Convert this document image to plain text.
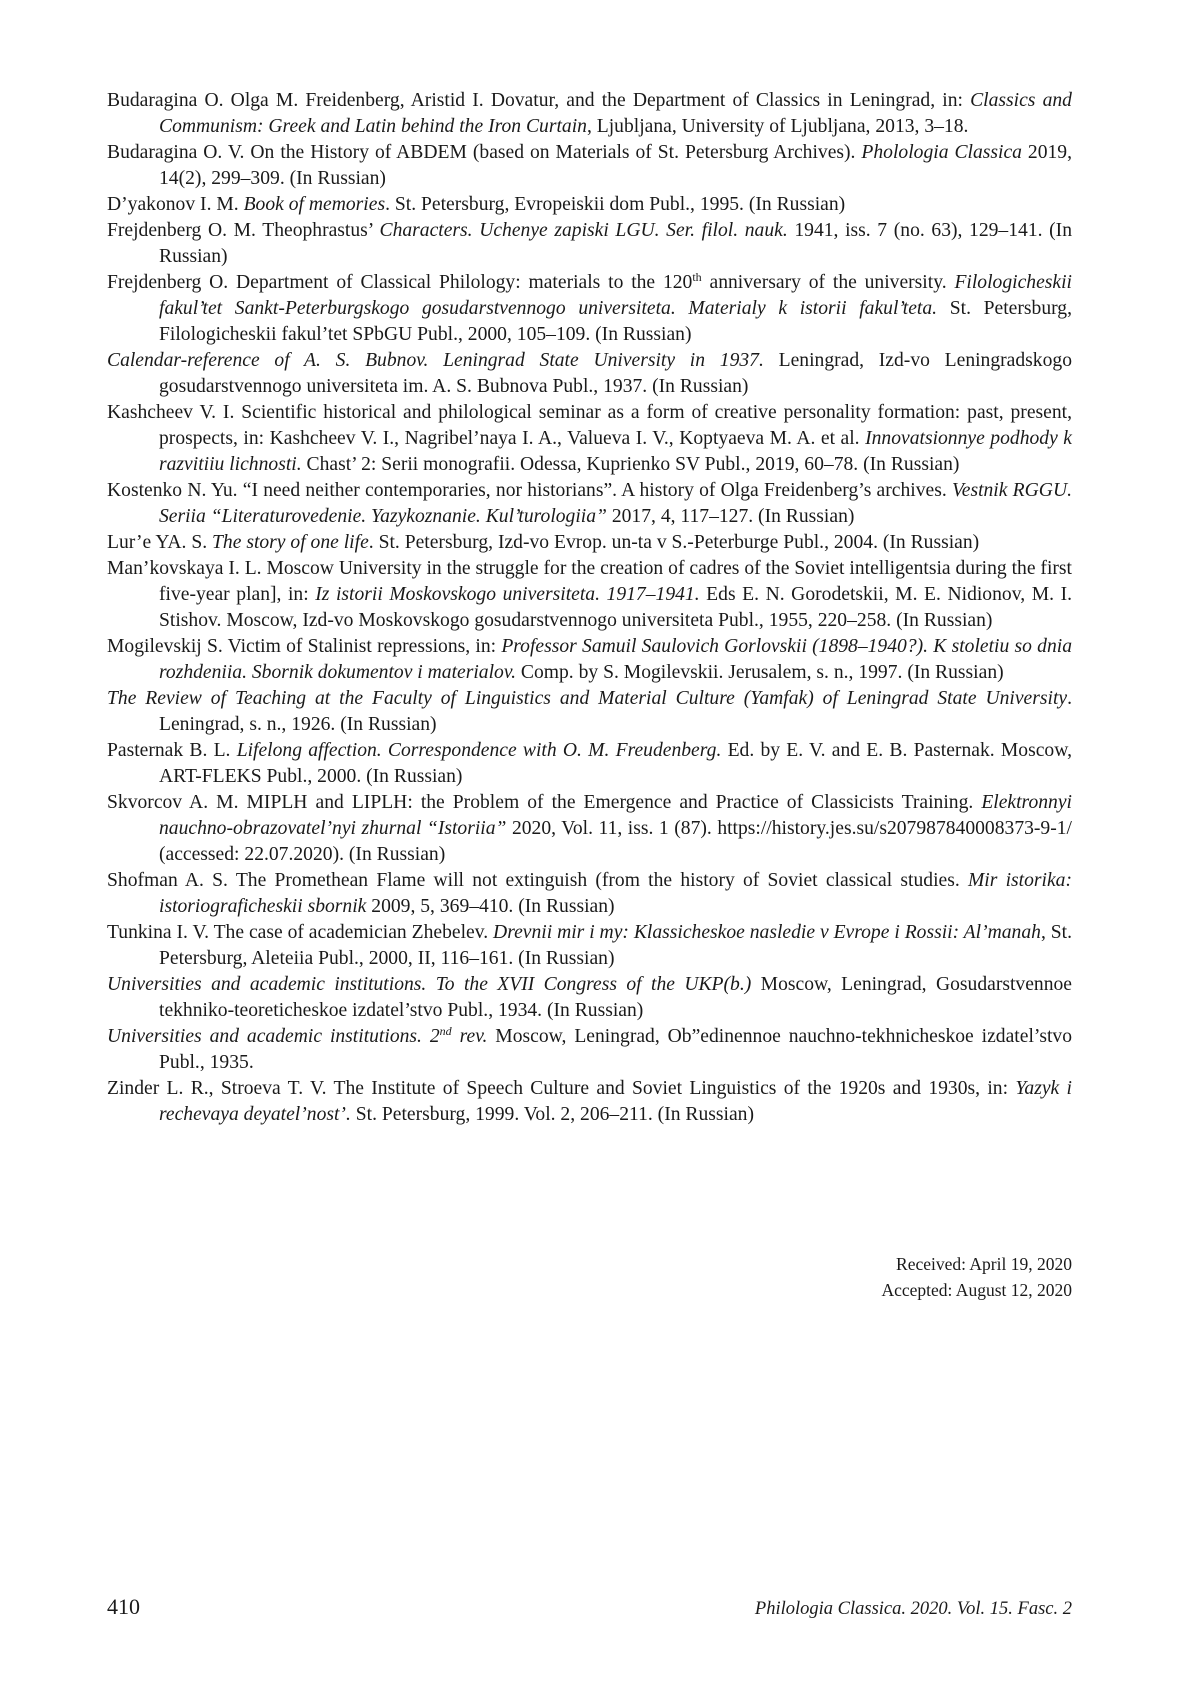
Budaragina O. Olga M. Freidenberg, Aristid I. Dovatur, and the Department of Classics in Leningrad, in: Classics and Communism: Greek and Latin behind the Iron Curtain, Ljubljana, University of Ljubljana, 2013, 3–18.
Budaragina O. V. On the History of ABDEM (based on Materials of St. Petersburg Archives). Pholologia Classica 2019, 14(2), 299–309. (In Russian)
D’yakonov I. M. Book of memories. St. Petersburg, Evropeiskii dom Publ., 1995. (In Russian)
Frejdenberg O. M. Theophrastus’ Characters. Uchenye zapiski LGU. Ser. filol. nauk. 1941, iss. 7 (no. 63), 129–141. (In Russian)
Frejdenberg O. Department of Classical Philology: materials to the 120th anniversary of the university. Filologicheskii fakul’tet Sankt-Peterburgskogo gosudarstvennogo universiteta. Materialy k istorii fakul’teta. St. Petersburg, Filologicheskii fakul’tet SPbGU Publ., 2000, 105–109. (In Russian)
Calendar-reference of A. S. Bubnov. Leningrad State University in 1937. Leningrad, Izd-vo Leningradskogo gosudarstvennogo universiteta im. A. S. Bubnova Publ., 1937. (In Russian)
Kashcheev V. I. Scientific historical and philological seminar as a form of creative personality formation: past, present, prospects, in: Kashcheev V. I., Nagribel’naya I. A., Valueva I. V., Koptyaeva M. A. et al. Innovatsionnye podhody k razvitiiu lichnosti. Chast’ 2: Serii monografii. Odessa, Kuprienko SV Publ., 2019, 60–78. (In Russian)
Kostenko N. Yu. “I need neither contemporaries, nor historians”. A history of Olga Freidenberg’s archives. Vestnik RGGU. Seriia “Literaturovedenie. Yazykoznanie. Kul’turologiia” 2017, 4, 117–127. (In Russian)
Lur’e YA. S. The story of one life. St. Petersburg, Izd-vo Evrop. un-ta v S.-Peterburge Publ., 2004. (In Russian)
Man’kovskaya I. L. Moscow University in the struggle for the creation of cadres of the Soviet intelligentsia during the first five-year plan], in: Iz istorii Moskovskogo universiteta. 1917–1941. Eds E. N. Gorodetskii, M. E. Nidionov, M. I. Stishov. Moscow, Izd-vo Moskovskogo gosudarstvennogo universiteta Publ., 1955, 220–258. (In Russian)
Mogilevskij S. Victim of Stalinist repressions, in: Professor Samuil Saulovich Gorlovskii (1898–1940?). K stoletiu so dnia rozhdeniia. Sbornik dokumentov i materialov. Comp. by S. Mogilevskii. Jerusalem, s. n., 1997. (In Russian)
The Review of Teaching at the Faculty of Linguistics and Material Culture (Yamfak) of Leningrad State University. Leningrad, s. n., 1926. (In Russian)
Pasternak B. L. Lifelong affection. Correspondence with O. M. Freudenberg. Ed. by E. V. and E. B. Pasternak. Moscow, ART-FLEKS Publ., 2000. (In Russian)
Skvorcov A. M. MIPLH and LIPLH: the Problem of the Emergence and Practice of Classicists Training. Elektronnyi nauchno-obrazovatel’nyi zhurnal “Istoriia” 2020, Vol. 11, iss. 1 (87). https://history.jes.su/s207987840008373-9-1/ (accessed: 22.07.2020). (In Russian)
Shofman A. S. The Promethean Flame will not extinguish (from the history of Soviet classical studies. Mir istorika: istoriograficheskii sbornik 2009, 5, 369–410. (In Russian)
Tunkina I. V. The case of academician Zhebelev. Drevnii mir i my: Klassicheskoe nasledie v Evrope i Rossii: Al’manah, St. Petersburg, Aleteiia Publ., 2000, II, 116–161. (In Russian)
Universities and academic institutions. To the XVII Congress of the UKP(b.) Moscow, Leningrad, Gosudarstvennoe tekhniko-teoreticheskoe izdatel’stvo Publ., 1934. (In Russian)
Universities and academic institutions. 2nd rev. Moscow, Leningrad, Ob”edinennoe nauchno-tekhnicheskoe izdatel’stvo Publ., 1935.
Zinder L. R., Stroeva T. V. The Institute of Speech Culture and Soviet Linguistics of the 1920s and 1930s, in: Yazyk i rechevaya deyatel’nost’. St. Petersburg, 1999. Vol. 2, 206–211. (In Russian)
Received: April 19, 2020
Accepted: August 12, 2020
410	Philologia Classica. 2020. Vol. 15. Fasc. 2
